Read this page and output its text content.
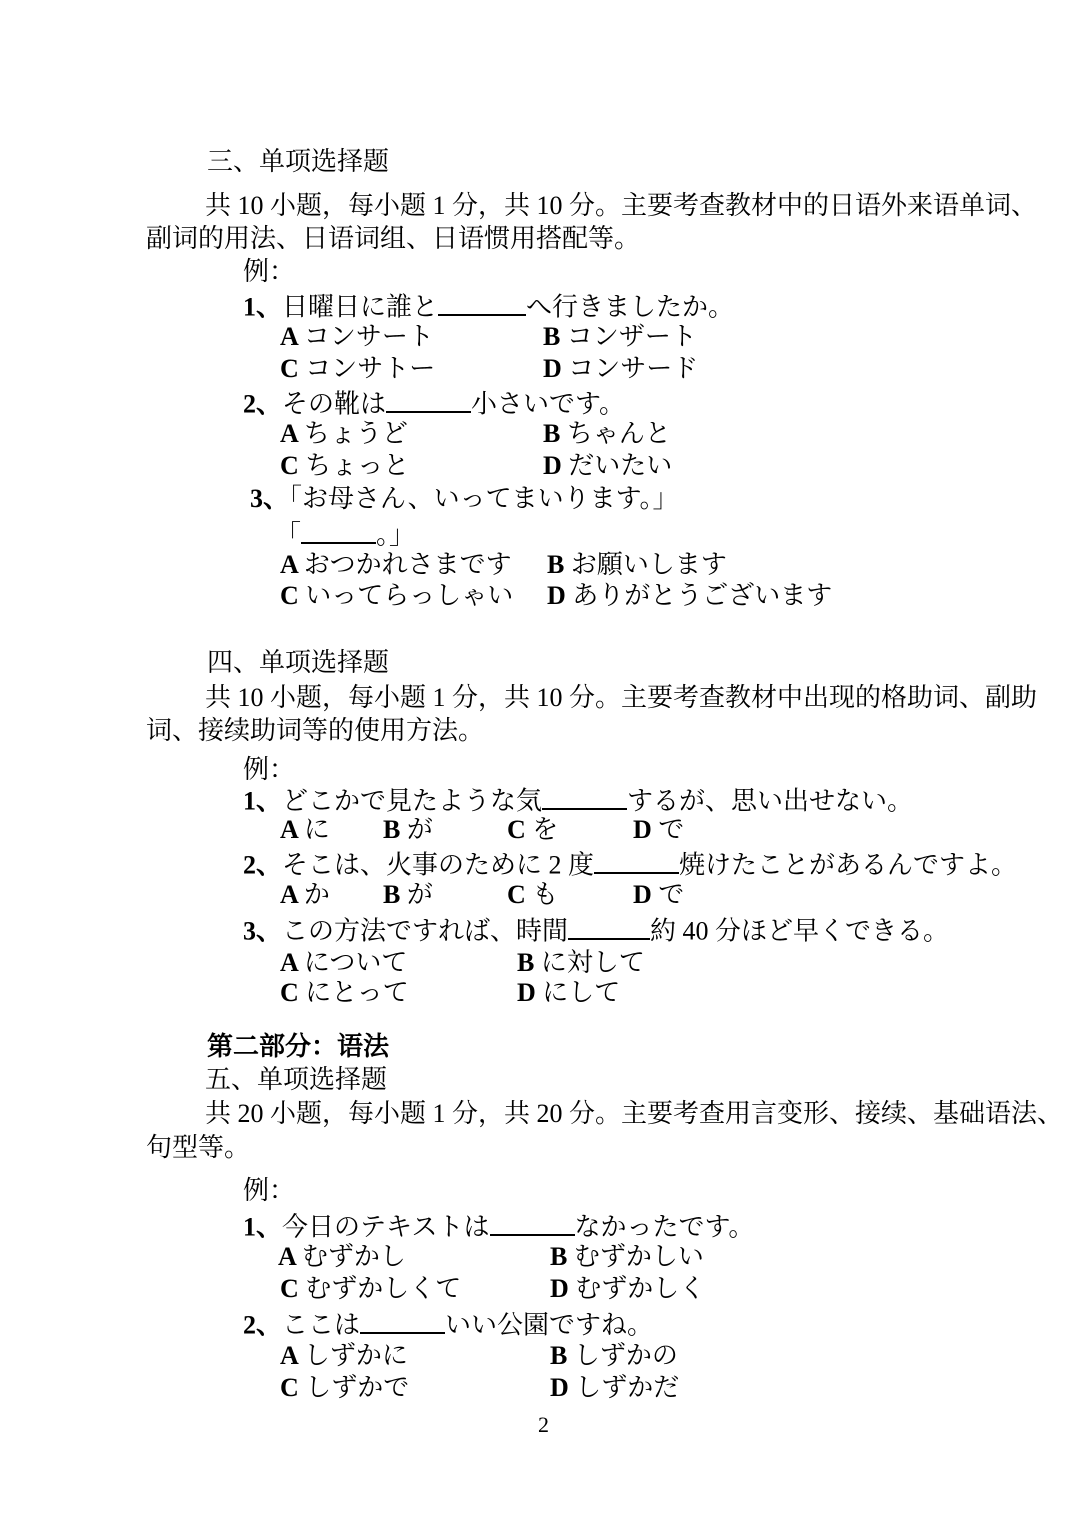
三、单项选择题
共 10 小题，每小题 1 分，共 10 分。主要考查教材中的日语外来语单词、
副词的用法、日语词组、日语惯用搭配等。
例：
1、日曜日に誰と	へ行きましたか。
A コンサート	B コンザート
C コンサトー	D コンサード
2、その靴は	小さいです。
A ちょうど	B ちゃんと
C ちょっと	D だいたい
3、「お母さん、いってまいります。」
「	。」
A おつかれさまです B お願いします
C いってらっしゃい D ありがとうございます
四、单项选择题
共 10 小题，每小题 1 分，共 10 分。主要考查教材中出现的格助词、副助
词、接续助词等的使用方法。
例：
1、どこかで見たような気	するが、思い出せない。
A に B が	C を	D で
2、そこは、火事のために 2 度	焼けたことがあるんですよ。
A か B が	C も	D で
3、この方法ですれば、時間	約 40 分ほど早くできる。
A について	B に対して
C にとって	D にして
第二部分：语法
五、单项选择题
共 20 小题，每小题 1 分，共 20 分。主要考查用言变形、接续、基础语法、
句型等。
例：
1、今日のテキストは	なかったです。
A むずかし	B むずかしい
C むずかしくて	D むずかしく
2、ここは	いい公園ですね。
A しずかに	B しずかの
C しずかで	D しずかだ
2
